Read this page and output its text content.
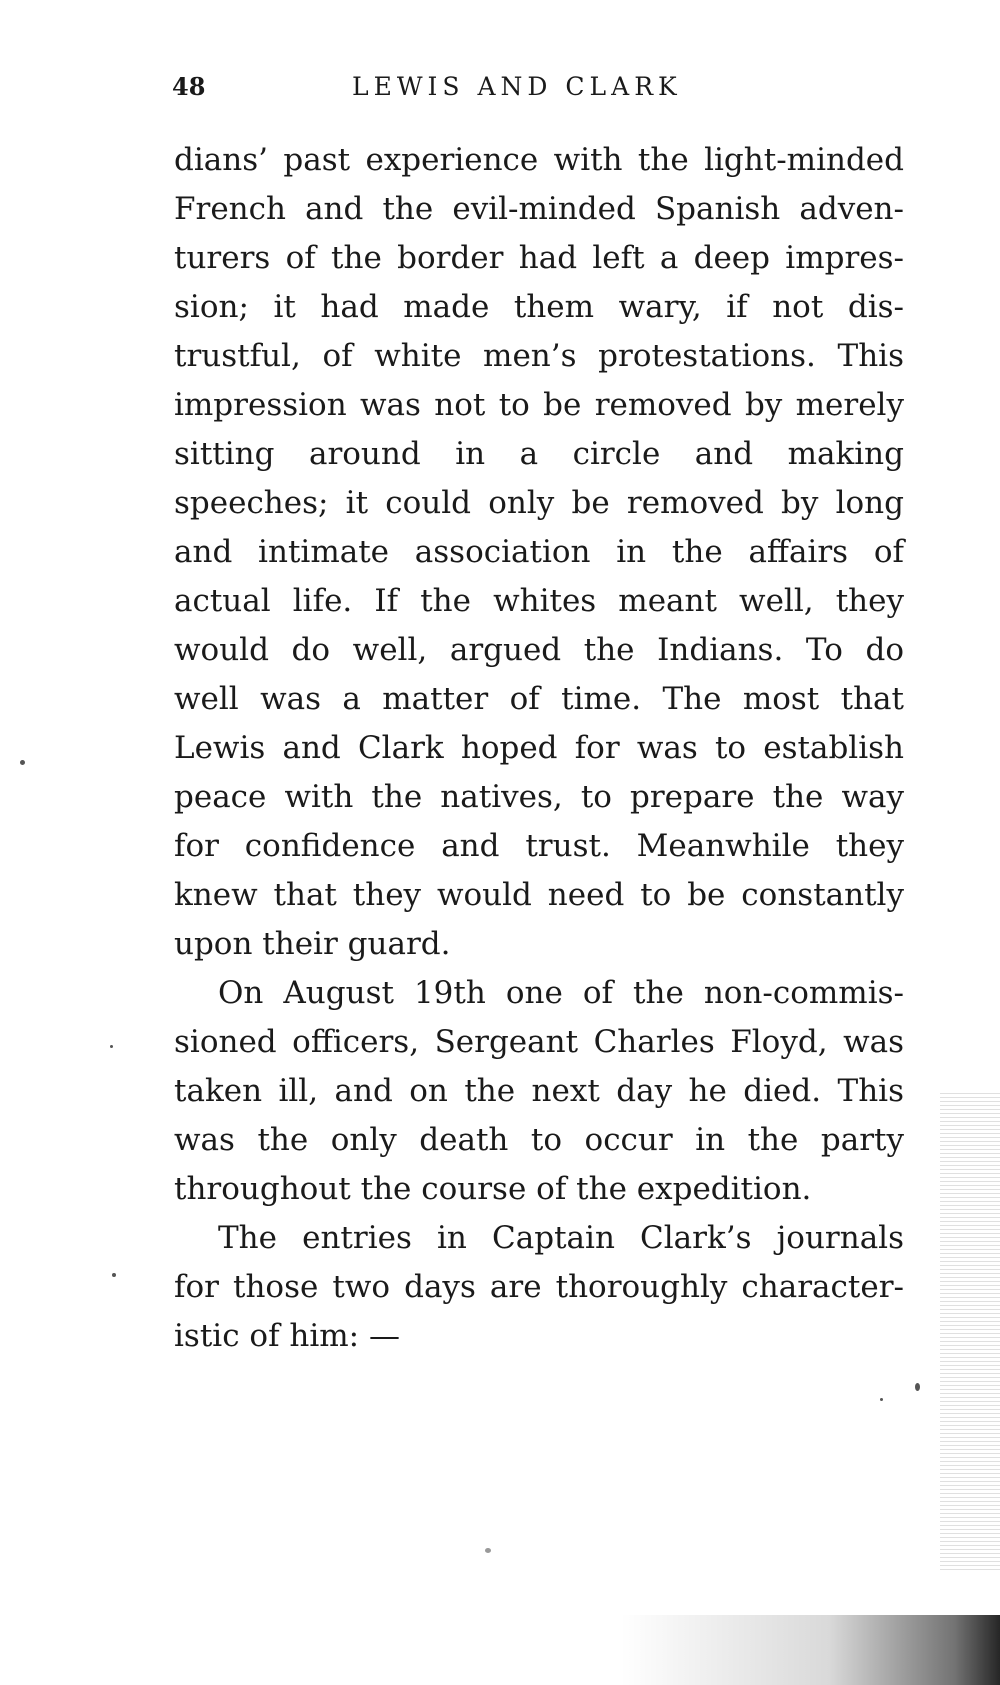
48	LEWIS AND CLARK
dians’ past experience with the light-minded
French and the evil-minded Spanish adven-
turers of the border had left a deep impres-
sion; it had made them wary, if not dis-
trustful, of white men’s protestations. This
impression was not to be removed by merely
sitting around in a circle and making
speeches; it could only be removed by long
and intimate association in the affairs of
actual life. If the whites meant well, they
would do well, argued the Indians. To do
well was a matter of time. The most that
Lewis and Clark hoped for was to establish
peace with the natives, to prepare the way
for confidence and trust. Meanwhile they
knew that they would need to be constantly
upon their guard.
On August 19th one of the non-commis-
sioned officers, Sergeant Charles Floyd, was
taken ill, and on the next day he died. This
was the only death to occur in the party
throughout the course of the expedition.
The entries in Captain Clark’s journals
for those two days are thoroughly character-
istic of him: —
